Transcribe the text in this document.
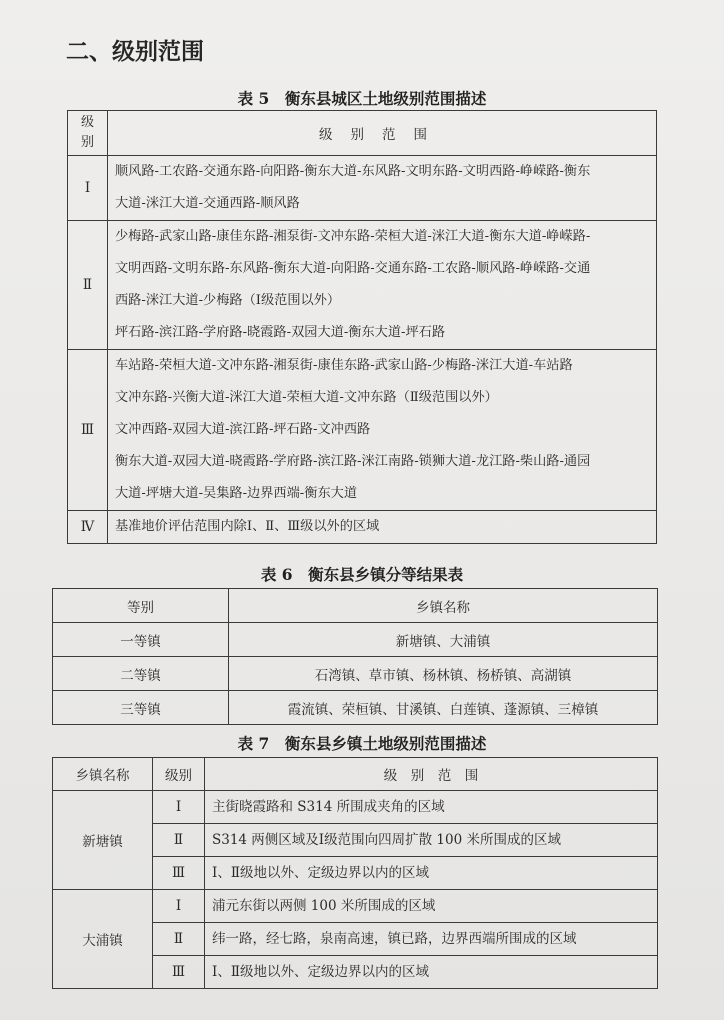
二、级别范围
表 5　衡东县城区土地级别范围描述
级
别	级别范围
Ⅰ	顺风路-工农路-交通东路-向阳路-衡东大道-东风路-文明东路-文明西路-峥嵘路-衡东
大道-洣江大道-交通西路-顺风路

Ⅱ	少梅路-武家山路-康佳东路-湘泵街-文冲东路-荣桓大道-洣江大道-衡东大道-峥嵘路-
文明西路-文明东路-东风路-衡东大道-向阳路-交通东路-工农路-顺风路-峥嵘路-交通
西路-洣江大道-少梅路（Ⅰ级范围以外）
坪石路-滨江路-学府路-晓霞路-双园大道-衡东大道-坪石路

Ⅲ	车站路-荣桓大道-文冲东路-湘泵街-康佳东路-武家山路-少梅路-洣江大道-车站路
文冲东路-兴衡大道-洣江大道-荣桓大道-文冲东路（Ⅱ级范围以外）
文冲西路-双园大道-滨江路-坪石路-文冲西路
衡东大道-双园大道-晓霞路-学府路-滨江路-洣江南路-锁狮大道-龙江路-柴山路-通园
大道-坪塘大道-吴集路-边界西端-衡东大道

Ⅳ	基准地价评估范围内除Ⅰ、Ⅱ、Ⅲ级以外的区域
表 6　衡东县乡镇分等结果表
等别	乡镇名称
一等镇	新塘镇、大浦镇
二等镇	石湾镇、草市镇、杨林镇、杨桥镇、高湖镇
三等镇	霞流镇、荣桓镇、甘溪镇、白莲镇、蓬源镇、三樟镇
表 7　衡东县乡镇土地级别范围描述
乡镇名称	级别	级　别　范　围
新塘镇	Ⅰ	主街晓霞路和 S314 所围成夹角的区域
	Ⅱ	S314 两侧区域及Ⅰ级范围向四周扩散 100 米所围成的区域
	Ⅲ	Ⅰ、Ⅱ级地以外、定级边界以内的区域
大浦镇	Ⅰ	浦元东街以两侧 100 米所围成的区域
	Ⅱ	纬一路，经七路，泉南高速，镇已路，边界西端所围成的区域
	Ⅲ	Ⅰ、Ⅱ级地以外、定级边界以内的区域
